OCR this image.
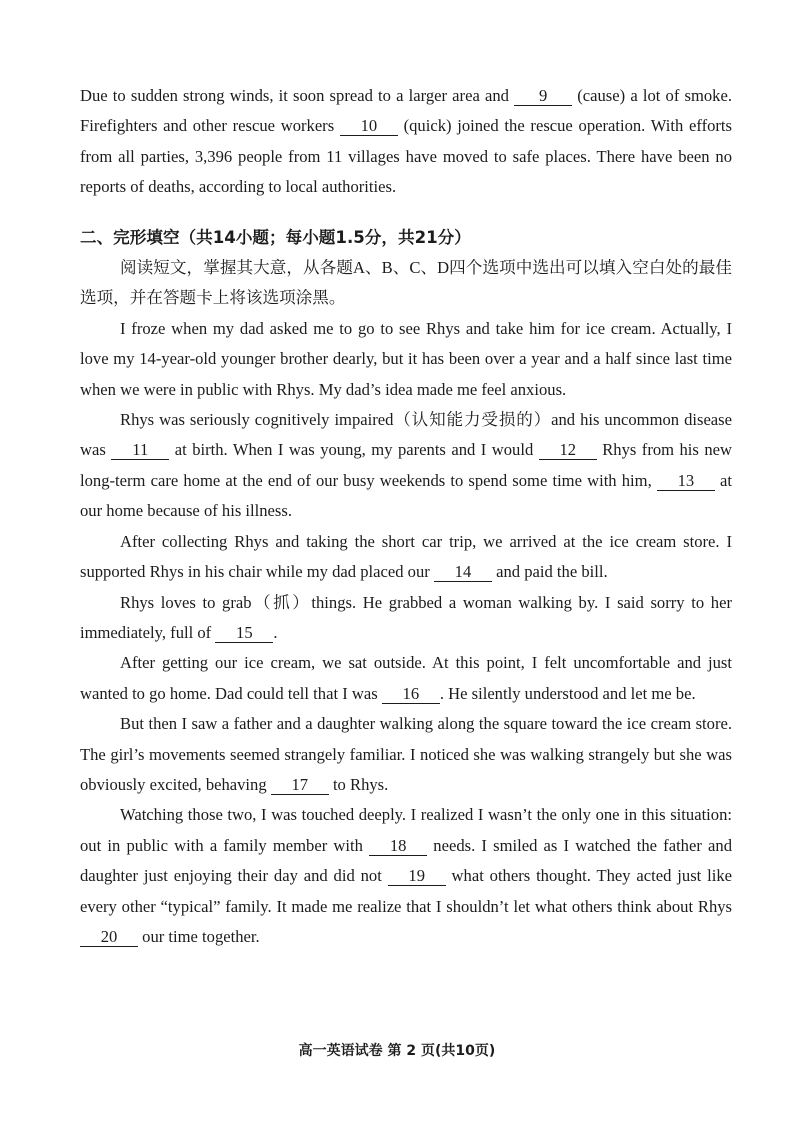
Due to sudden strong winds, it soon spread to a larger area and 9 (cause) a lot of smoke. Firefighters and other rescue workers 10 (quick) joined the rescue operation. With efforts from all parties, 3,396 people from 11 villages have moved to safe places. There have been no reports of deaths, according to local authorities.

二、完形填空（共14小题；每小题1.5分，共21分）

阅读短文，掌握其大意，从各题A、B、C、D四个选项中选出可以填入空白处的最佳选项，并在答题卡上将该选项涂黑。

I froze when my dad asked me to go to see Rhys and take him for ice cream. Actually, I love my 14-year-old younger brother dearly, but it has been over a year and a half since last time when we were in public with Rhys. My dad’s idea made me feel anxious.

Rhys was seriously cognitively impaired（认知能力受损的）and his uncommon disease was 11 at birth. When I was young, my parents and I would 12 Rhys from his new long-term care home at the end of our busy weekends to spend some time with him, 13 at our home because of his illness.

After collecting Rhys and taking the short car trip, we arrived at the ice cream store. I supported Rhys in his chair while my dad placed our 14 and paid the bill.

Rhys loves to grab（抓）things. He grabbed a woman walking by. I said sorry to her immediately, full of 15 .

After getting our ice cream, we sat outside. At this point, I felt uncomfortable and just wanted to go home. Dad could tell that I was 16 . He silently understood and let me be.

But then I saw a father and a daughter walking along the square toward the ice cream store. The girl’s movements seemed strangely familiar. I noticed she was walking strangely but she was obviously excited, behaving 17 to Rhys.

Watching those two, I was touched deeply. I realized I wasn’t the only one in this situation: out in public with a family member with 18 needs. I smiled as I watched the father and daughter just enjoying their day and did not 19 what others thought. They acted just like every other “typical” family. It made me realize that I shouldn’t let what others think about Rhys 20 our time together.

高一英语试卷 第 2 页(共10页)
